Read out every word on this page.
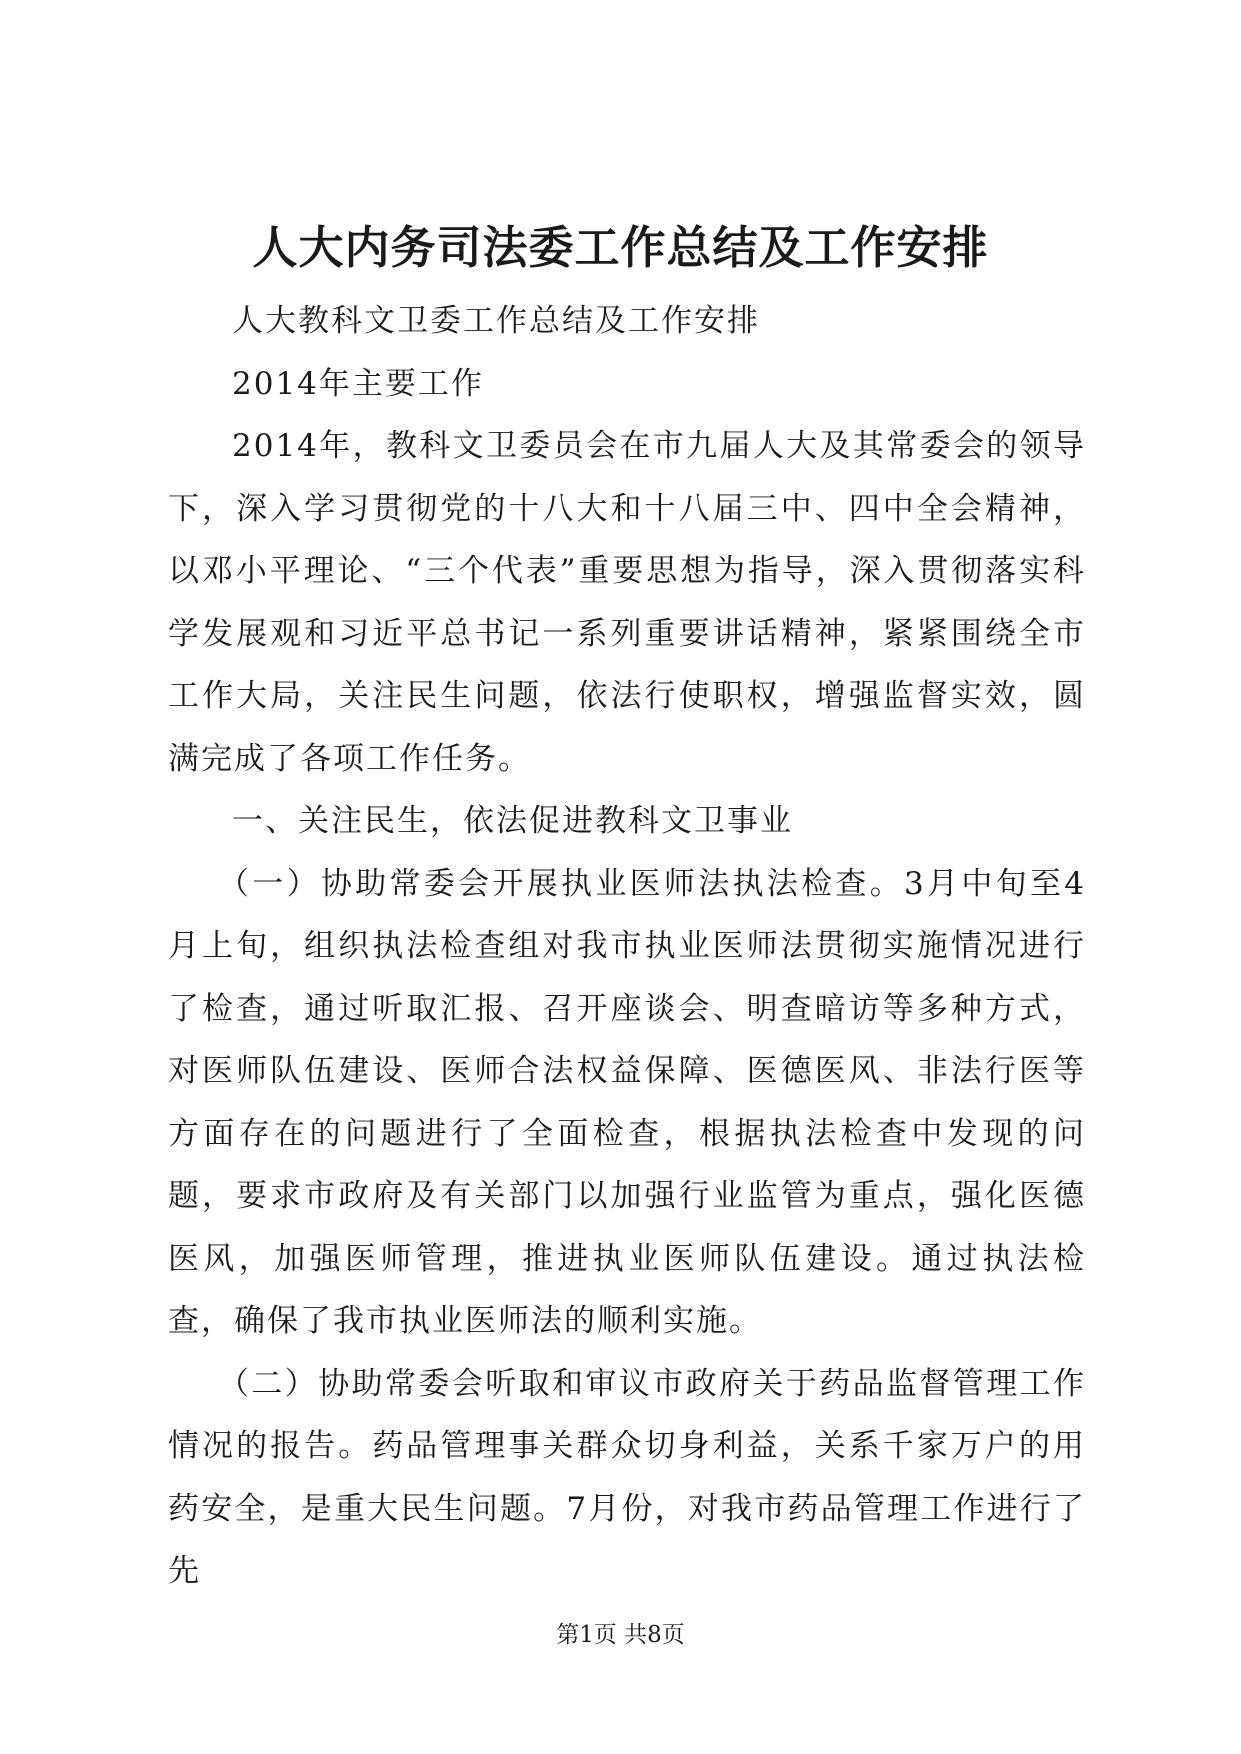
人大内务司法委工作总结及工作安排

人大教科文卫委工作总结及工作安排

2014年主要工作

2014年，教科文卫委员会在市九届人大及其常委会的领导下，深入学习贯彻党的十八大和十八届三中、四中全会精神，以邓小平理论、“三个代表”重要思想为指导，深入贯彻落实科学发展观和习近平总书记一系列重要讲话精神，紧紧围绕全市工作大局，关注民生问题，依法行使职权，增强监督实效，圆满完成了各项工作任务。

一、关注民生，依法促进教科文卫事业

（一）协助常委会开展执业医师法执法检查。3月中旬至4月上旬，组织执法检查组对我市执业医师法贯彻实施情况进行了检查，通过听取汇报、召开座谈会、明查暗访等多种方式，对医师队伍建设、医师合法权益保障、医德医风、非法行医等方面存在的问题进行了全面检查，根据执法检查中发现的问题，要求市政府及有关部门以加强行业监管为重点，强化医德医风，加强医师管理，推进执业医师队伍建设。通过执法检查，确保了我市执业医师法的顺利实施。

（二）协助常委会听取和审议市政府关于药品监督管理工作情况的报告。药品管理事关群众切身利益，关系千家万户的用药安全，是重大民生问题。7月份，对我市药品管理工作进行了先

第1页 共8页
